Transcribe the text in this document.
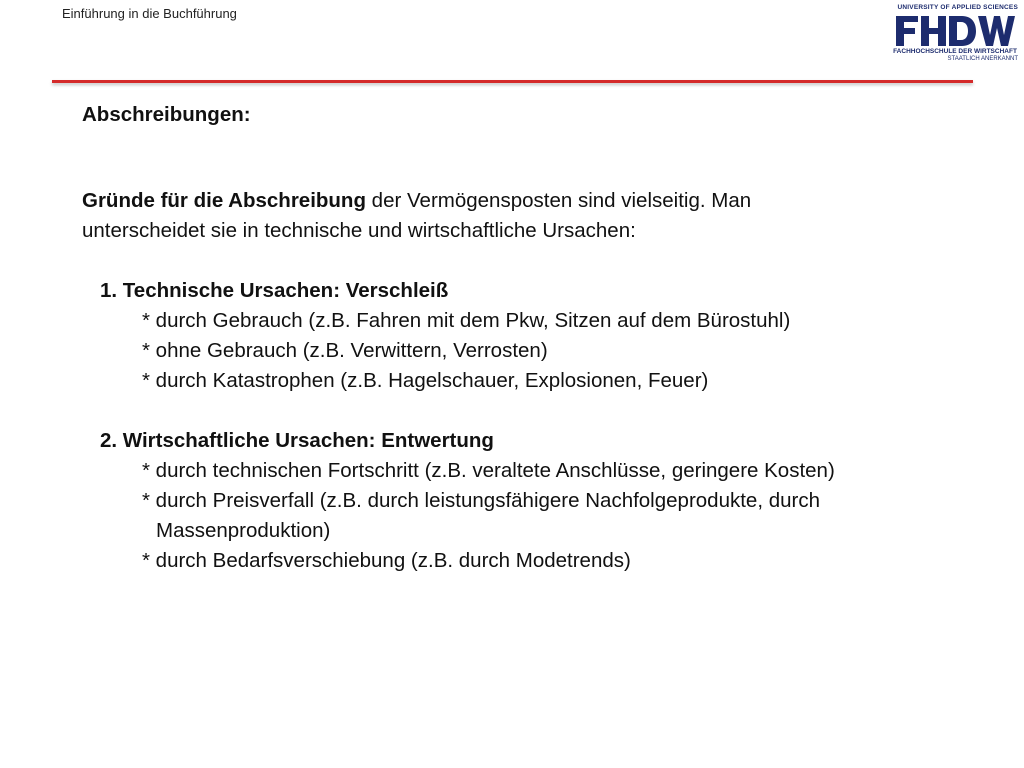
Einführung in die Buchführung	UNIVERSITY OF APPLIED SCIENCES
FACHHOCHSCHULE DER WIRTSCHAFT
STAATLICH ANERKANNT
Abschreibungen:
Gründe für die Abschreibung der Vermögensposten sind vielseitig. Man
unterscheidet sie in technische und wirtschaftliche Ursachen:
1. Technische Ursachen: Verschleiß
* durch Gebrauch (z.B. Fahren mit dem Pkw, Sitzen auf dem Bürostuhl)
* ohne Gebrauch (z.B. Verwittern, Verrosten)
* durch Katastrophen (z.B. Hagelschauer, Explosionen, Feuer)
2. Wirtschaftliche Ursachen: Entwertung
* durch technischen Fortschritt (z.B. veraltete Anschlüsse, geringere Kosten)
* durch Preisverfall (z.B. durch leistungsfähigere Nachfolgeprodukte, durch
Massenproduktion)
* durch Bedarfsverschiebung (z.B. durch Modetrends)
